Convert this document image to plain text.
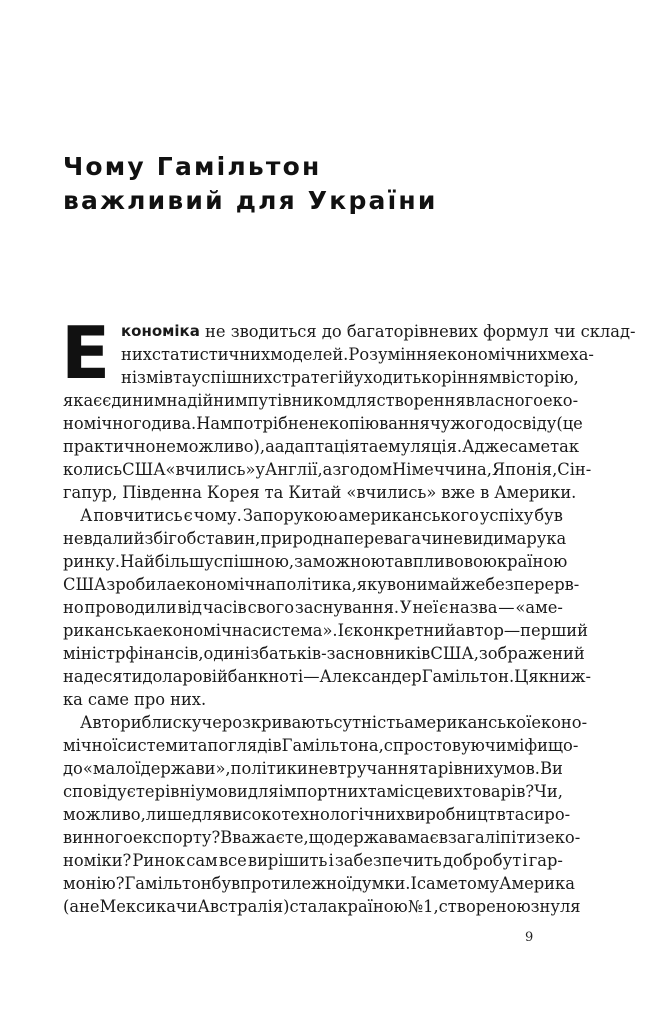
Чому Гамільтон
важливий для України
Е кономіка не зводиться до багаторівневих формул чи склад-
них статистичних моделей. Розуміння економічних меха-
нізмів та успішних стратегій уходить корінням в історію,
яка є єдиним надійним путівником для створення власного еко-
номічного дива. Нам потрібне не копіювання чужого досвіду (це
практично неможливо), а адаптація та емуляція. Адже саме так
колись США «вчились» у Англії, а згодом Німеччина, Японія, Сін-
гапур, Південна Корея та Китай «вчились» вже в Америки.
А повчитись є чому. Запорукою американського успіху був
не вдалий збіг обставин, природна перевага чи невидима рука
ринку. Найбільш успішною, заможною та впливовою країною
США зробила економічна політика, яку вони майже безперерв-
но проводили від часів свого заснування. У неї є назва — «аме-
риканська економічна система». І є конкретний автор — перший
міністр фінансів, один із батьків-засновників США, зображений
на десятидоларовій банкноті — Александер Гамільтон. Ця книж-
ка саме про них.
Автори блискуче розкривають сутність американської еконо-
мічної системи та поглядів Гамільтона, спростовуючи міфи що-
до «малої держави», політики невтручання та рівних умов. Ви
сповідуєте рівні умови для імпортних та місцевих товарів? Чи,
можливо, лише для високотехнологічних виробництв та сиро-
винного експорту? Вважаєте, що держава має взагалі піти з еко-
номіки? Ринок сам все вирішить і забезпечить добробут і гар-
монію? Гамільтон був протилежної думки. І саме тому Америка
(а не Мексика чи Австралія) стала країною №1, створеною з нуля
9
